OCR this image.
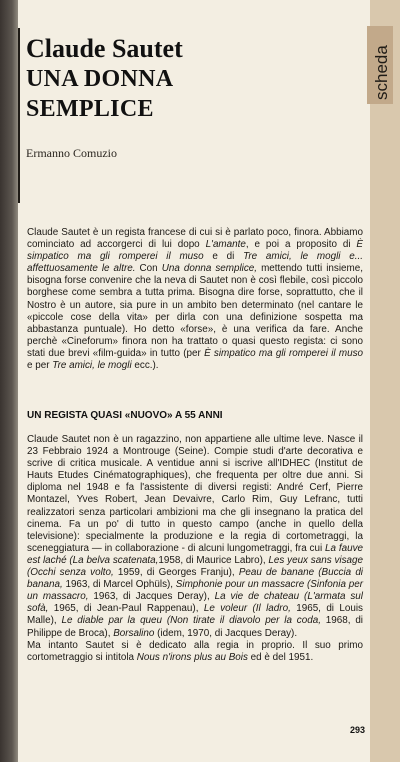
scheda
Claude Sautet
UNA DONNA
SEMPLICE
Ermanno Comuzio
Claude Sautet è un regista francese di cui si è parlato poco, finora. Abbiamo cominciato ad accorgerci di lui dopo L'amante, e poi a proposito di È simpatico ma gli romperei il muso e di Tre amici, le mogli e... affettuosamente le altre. Con Una donna semplice, mettendo tutti insieme, bisogna forse convenire che la neva di Sautet non è così flebile, così piccolo borghese come sembra a tutta prima. Bisogna dire forse, soprattutto, che il Nostro è un autore, sia pure in un ambito ben determinato (nel cantare le «piccole cose della vita» per dirla con una definizione sospetta ma abbastanza puntuale). Ho detto «forse», è una verifica da fare. Anche perchè «Cineforum» finora non ha trattato o quasi questo regista: ci sono stati due brevi «film-guida» in tutto (per È simpatico ma gli romperei il muso e per Tre amici, le mogli ecc.).
UN REGISTA QUASI «NUOVO» A 55 ANNI
Claude Sautet non è un ragazzino, non appartiene alle ultime leve. Nasce il 23 Febbraio 1924 a Montrouge (Seine). Compie studi d'arte decorativa e scrive di critica musicale. A ventidue anni si iscrive all'IDHEC (Institut de Hauts Etudes Cinématographiques), che frequenta per oltre due anni. Si diploma nel 1948 e fa l'assistente di diversi registi: André Cerf, Pierre Montazel, Yves Robert, Jean Devaivre, Carlo Rim, Guy Lefranc, tutti realizzatori senza particolari ambizioni ma che gli insegnano la pratica del cinema. Fa un po' di tutto in questo campo (anche in quello della televisione): specialmente la produzione e la regia di cortometraggi, la sceneggiatura — in collaborazione - di alcuni lungometraggi, fra cui La fauve est laché (La belva scatenata,1958, di Maurice Labro), Les yeux sans visage (Occhi senza volto, 1959, di Georges Franju), Peau de banane (Buccia di banana, 1963, di Marcel Ophüls), Simphonie pour un massacre (Sinfonia per un massacro, 1963, di Jacques Deray), La vie de chateau (L'armata sul sofà, 1965, di Jean-Paul Rappenau), Le voleur (Il ladro, 1965, di Louis Malle), Le diable par la queu (Non tirate il diavolo per la coda, 1968, di Philippe de Broca), Borsalino (idem, 1970, di Jacques Deray).
Ma intanto Sautet si è dedicato alla regia in proprio. Il suo primo cortometraggio si intitola Nous n'irons plus au Bois ed è del 1951.
293
